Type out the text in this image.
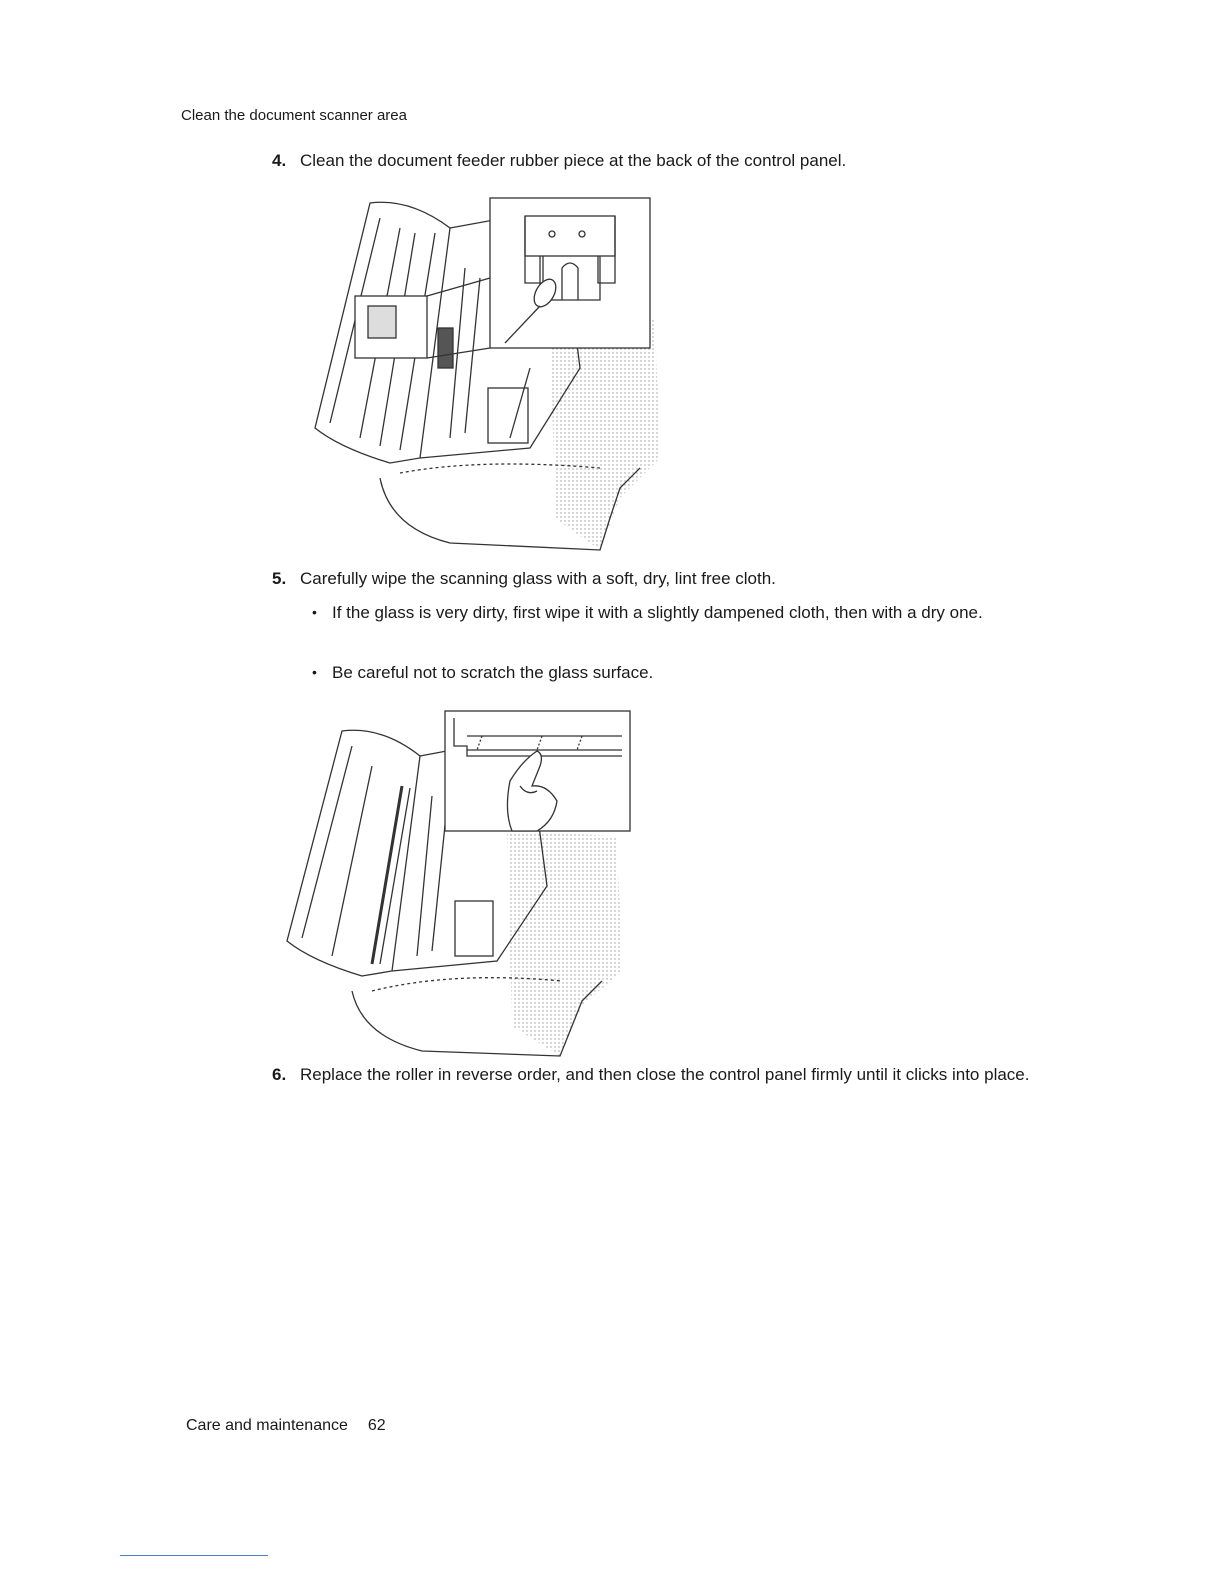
Clean the document scanner area
4. Clean the document feeder rubber piece at the back of the control panel.
5. Carefully wipe the scanning glass with a soft, dry, lint free cloth.
• If the glass is very dirty, first wipe it with a slightly dampened cloth, then with a dry one.
• Be careful not to scratch the glass surface.
6. Replace the roller in reverse order, and then close the control panel firmly until it clicks into place.
Care and maintenance 62
